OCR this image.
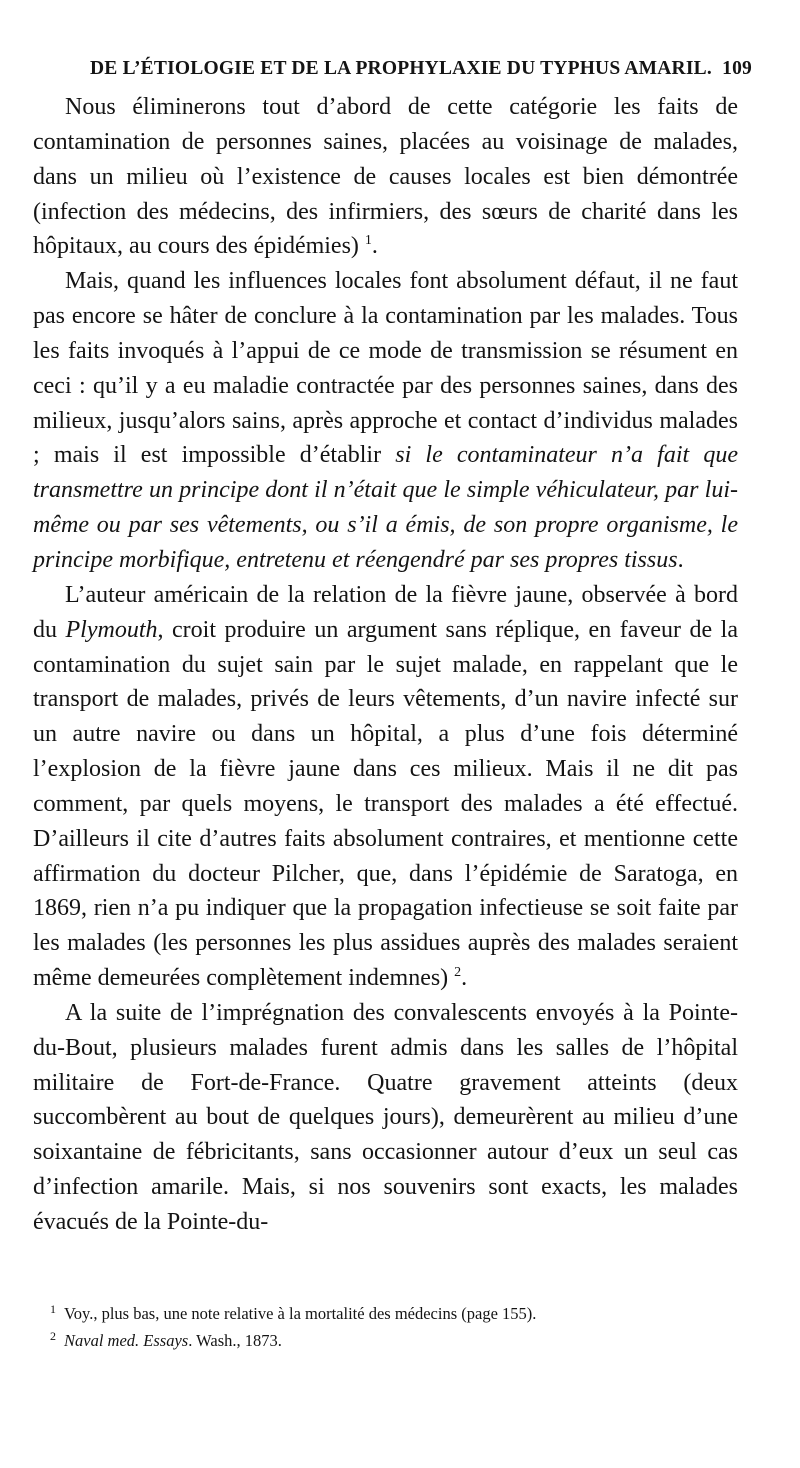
DE L’ÉTIOLOGIE ET DE LA PROPHYLAXIE DU TYPHUS AMARIL. 109

Nous éliminerons tout d’abord de cette catégorie les faits de contamination de personnes saines, placées au voisinage de malades, dans un milieu où l’existence de causes locales est bien démontrée (infection des médecins, des infirmiers, des sœurs de charité dans les hôpitaux, au cours des épidémies) $^1$.

Mais, quand les influences locales font absolument défaut, il ne faut pas encore se hâter de conclure à la contamination par les malades. Tous les faits invoqués à l’appui de ce mode de transmission se résument en ceci : qu’il y a eu maladie contractée par des personnes saines, dans des milieux, jusqu’alors sains, après approche et contact d’individus malades ; mais il est impossible d’établir si le contaminateur n’a fait que transmettre un principe dont il n’était que le simple véhiculateur, par lui-même ou par ses vêtements, ou s’il a émis, de son propre organisme, le principe morbifique, entretenu et réengendré par ses propres tissus.

L’auteur américain de la relation de la fièvre jaune, observée à bord du Plymouth, croit produire un argument sans réplique, en faveur de la contamination du sujet sain par le sujet malade, en rappelant que le transport de malades, privés de leurs vêtements, d’un navire infecté sur un autre navire ou dans un hôpital, a plus d’une fois déterminé l’explosion de la fièvre jaune dans ces milieux. Mais il ne dit pas comment, par quels moyens, le transport des malades a été effectué. D’ailleurs il cite d’autres faits absolument contraires, et mentionne cette affirmation du docteur Pilcher, que, dans l’épidémie de Saratoga, en 1869, rien n’a pu indiquer que la propagation infectieuse se soit faite par les malades (les personnes les plus assidues auprès des malades seraient même demeurées complètement indemnes) $^2$.

A la suite de l’imprégnation des convalescents envoyés à la Pointe-du-Bout, plusieurs malades furent admis dans les salles de l’hôpital militaire de Fort-de-France. Quatre gravement atteints (deux succombèrent au bout de quelques jours), demeurèrent au milieu d’une soixantaine de fébricitants, sans occasionner autour d’eux un seul cas d’infection amarile. Mais, si nos souvenirs sont exacts, les malades évacués de la Pointe-du-

$^1$ Voy., plus bas, une note relative à la mortalité des médecins (page 155).
$^2$ Naval med. Essays. Wash., 1873.
